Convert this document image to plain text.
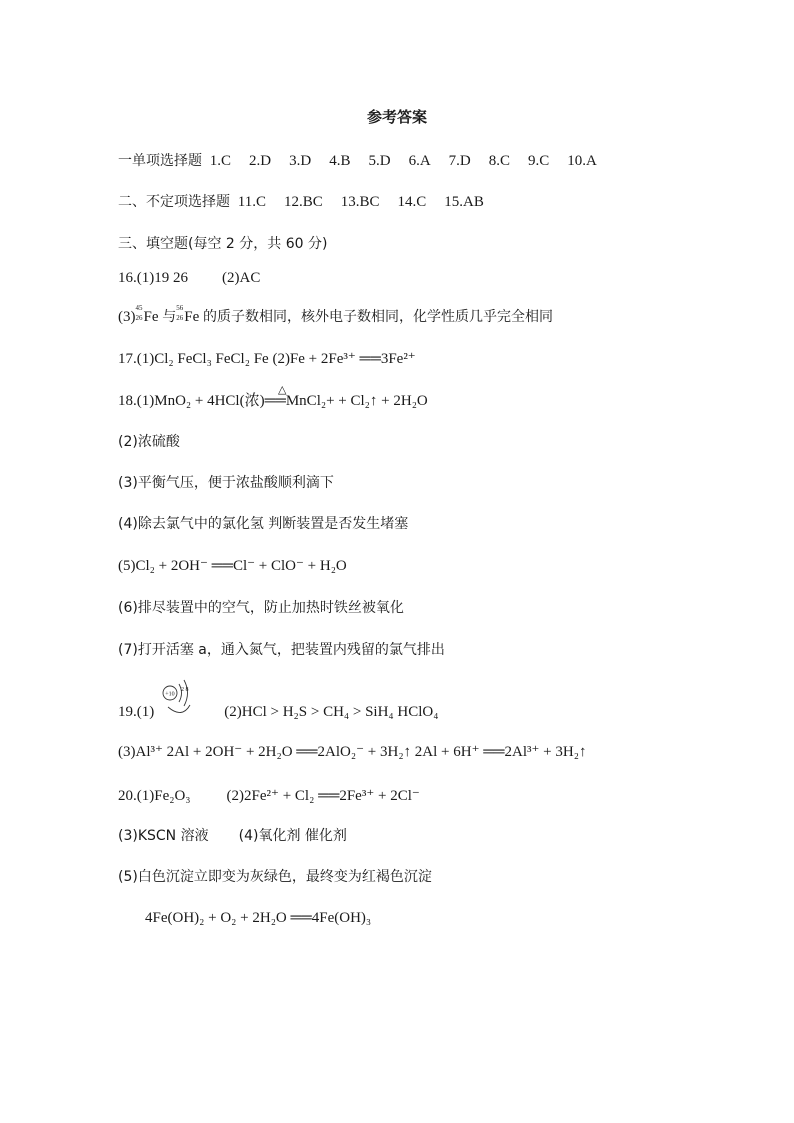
参考答案
一单项选择题 1.C 2.D 3.D 4.B 5.D 6.A 7.D 8.C 9.C 10.A
二、不定项选择题 11.C 12.BC 13.BC 14.C 15.AB
三、填空题(每空 2 分，共 60 分)
16.(1)19 26 (2)AC
(3)
45
26 Fe 与
56
26 Fe 的质子数相同，核外电子数相同，化学性质几乎完全相同
17.(1)Cl₂ FeCl₃ FeCl₂ Fe (2)Fe + 2Fe³⁺ ══3Fe²⁺
18.(1)MnO₂ + 4HCl(浓)══MnCl₂+ + Cl₂↑ + 2H₂O
△
(2)浓硫酸
(3)平衡气压，便于浓盐酸顺利滴下
(4)除去氯气中的氯化氢 判断装置是否发生堵塞
(5)Cl₂ + 2OH⁻ ══Cl⁻ + ClO⁻ + H₂O
(6)排尽装置中的空气，防止加热时铁丝被氧化
(7)打开活塞 a，通入氮气，把装置内残留的氯气排出
19.(1)	(2)HCl > H₂S > CH₄ > SiH₄ HClO₄
+10
2 8
(3)Al³⁺ 2Al + 2OH⁻ + 2H₂O ══2AlO₂⁻ + 3H₂↑ 2Al + 6H⁺ ══2Al³⁺ + 3H₂↑
20.(1)Fe₂O₃ (2)2Fe²⁺ + Cl₂ ══2Fe³⁺ + 2Cl⁻
(3)KSCN 溶液 (4)氧化剂 催化剂
(5)白色沉淀立即变为灰绿色，最终变为红褐色沉淀
4Fe(OH)₂ + O₂ + 2H₂O ══4Fe(OH)₃
